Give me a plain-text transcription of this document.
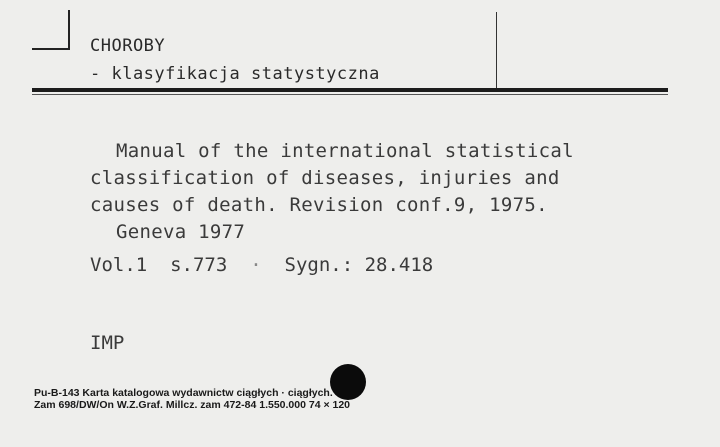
CHOROBY
- klasyfikacja statystyczna
Manual of the international statistical
classification of diseases, injuries and
causes of death. Revision conf.9, 1975.
Geneva 1977
Vol.1 s.773 · Sygn.: 28.418
IMP
Pu-B-143 Karta katalogowa wydawnictw ciągłych · ciągłych.
Zam 698/DW/On W.Z.Graf. Millcz. zam 472-84 1.550.000 74 × 120
